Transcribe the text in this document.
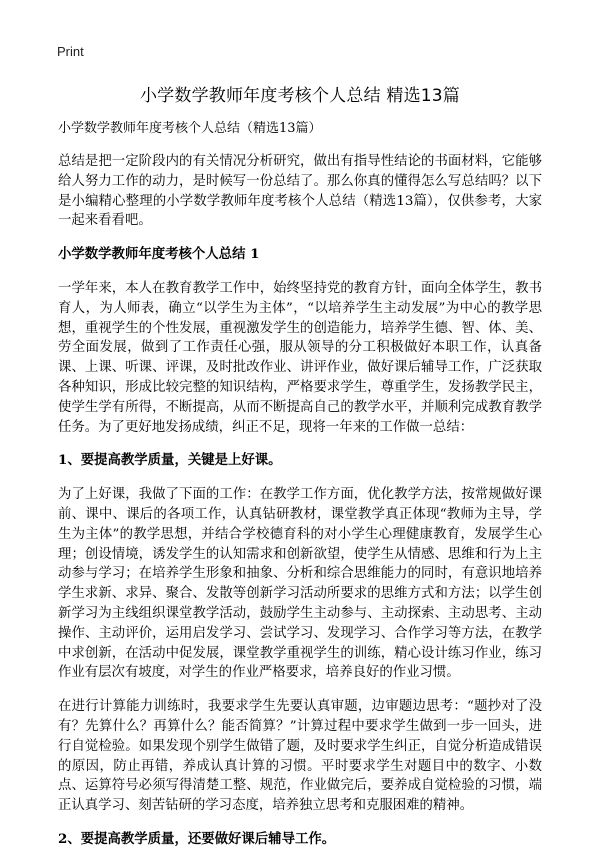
Print
小学数学教师年度考核个人总结 精选13篇
小学数学教师年度考核个人总结（精选13篇）

总结是把一定阶段内的有关情况分析研究，做出有指导性结论的书面材料，它能够给人努力工作的动力，是时候写一份总结了。那么你真的懂得怎么写总结吗？以下是小编精心整理的小学数学教师年度考核个人总结（精选13篇），仅供参考，大家一起来看看吧。

小学数学教师年度考核个人总结 1

一学年来，本人在教育教学工作中，始终坚持党的教育方针，面向全体学生，教书育人，为人师表，确立“以学生为主体”，“以培养学生主动发展”为中心的教学思想，重视学生的个性发展，重视激发学生的创造能力，培养学生德、智、体、美、劳全面发展，做到了工作责任心强，服从领导的分工积极做好本职工作，认真备课、上课、听课、评课，及时批改作业、讲评作业，做好课后辅导工作，广泛获取各种知识，形成比较完整的知识结构，严格要求学生，尊重学生，发扬教学民主，使学生学有所得，不断提高，从而不断提高自己的教学水平，并顺利完成教育教学任务。为了更好地发扬成绩，纠正不足，现将一年来的工作做一总结：

1、要提高教学质量，关键是上好课。

为了上好课，我做了下面的工作：在教学工作方面，优化教学方法，按常规做好课前、课中、课后的各项工作，认真钻研教材，课堂教学真正体现“教师为主导，学生为主体”的教学思想，并结合学校德育科的对小学生心理健康教育，发展学生心理；创设情境，诱发学生的认知需求和创新欲望，使学生从情感、思维和行为上主动参与学习；在培养学生形象和抽象、分析和综合思维能力的同时，有意识地培养学生求新、求异、聚合、发散等创新学习活动所要求的思维方式和方法；以学生创新学习为主线组织课堂教学活动，鼓励学生主动参与、主动探索、主动思考、主动操作、主动评价，运用启发学习、尝试学习、发现学习、合作学习等方法，在教学中求创新，在活动中促发展，课堂教学重视学生的训练，精心设计练习作业，练习作业有层次有坡度，对学生的作业严格要求，培养良好的作业习惯。

在进行计算能力训练时，我要求学生先要认真审题，边审题边思考：“题抄对了没有？先算什么？再算什么？能否简算？”计算过程中要求学生做到一步一回头，进行自觉检验。如果发现个别学生做错了题，及时要求学生纠正，自觉分析造成错误的原因，防止再错，养成认真计算的习惯。平时要求学生对题目中的数字、小数点、运算符号必须写得清楚工整、规范，作业做完后，要养成自觉检验的习惯，端正认真学习、刻苦钻研的学习态度，培养独立思考和克服困难的精神。

2、要提高教学质量，还要做好课后辅导工作。
